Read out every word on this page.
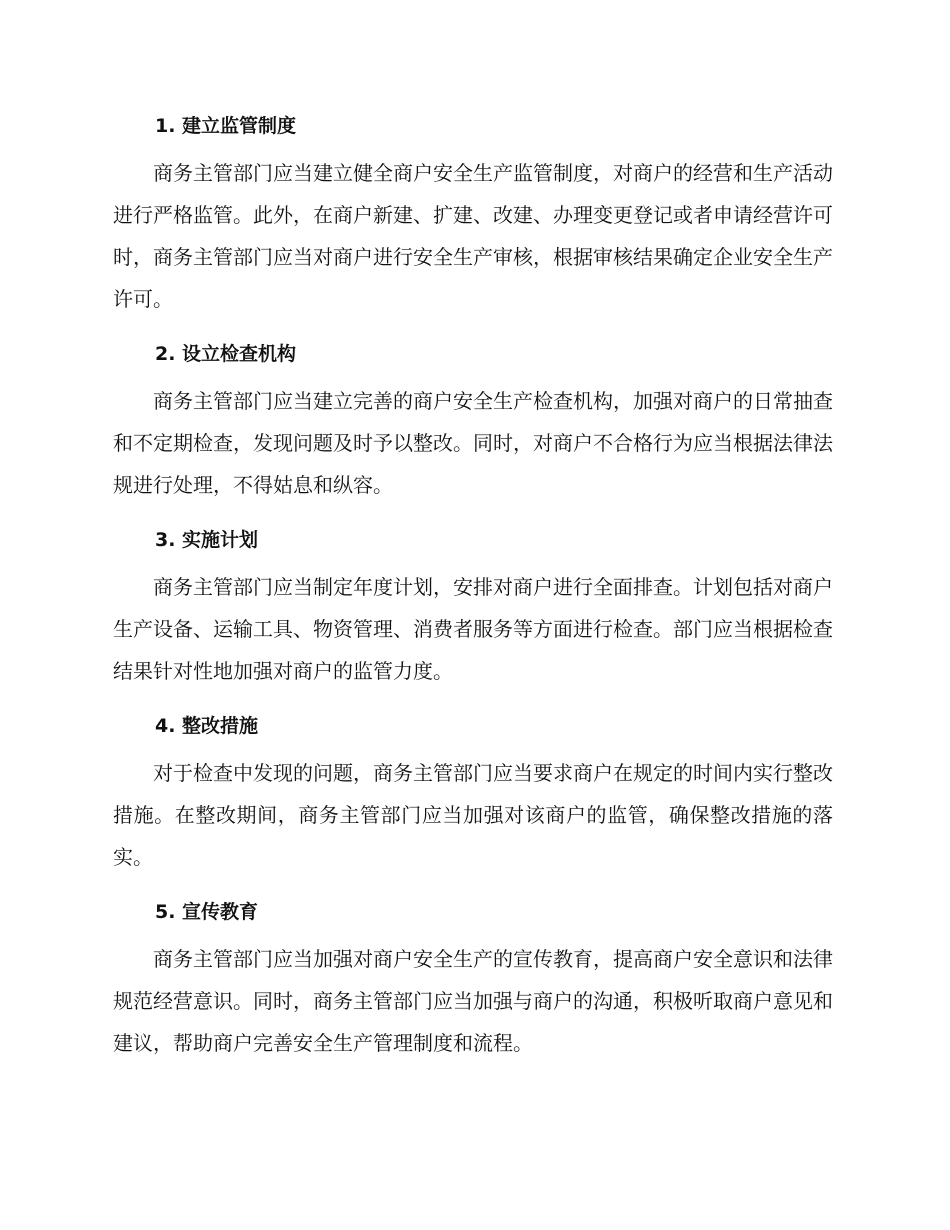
1. 建立监管制度

商务主管部门应当建立健全商户安全生产监管制度，对商户的经营和生产活动进行严格监管。此外，在商户新建、扩建、改建、办理变更登记或者申请经营许可时，商务主管部门应当对商户进行安全生产审核，根据审核结果确定企业安全生产许可。

2. 设立检查机构

商务主管部门应当建立完善的商户安全生产检查机构，加强对商户的日常抽查和不定期检查，发现问题及时予以整改。同时，对商户不合格行为应当根据法律法规进行处理，不得姑息和纵容。

3. 实施计划

商务主管部门应当制定年度计划，安排对商户进行全面排查。计划包括对商户生产设备、运输工具、物资管理、消费者服务等方面进行检查。部门应当根据检查结果针对性地加强对商户的监管力度。

4. 整改措施

对于检查中发现的问题，商务主管部门应当要求商户在规定的时间内实行整改措施。在整改期间，商务主管部门应当加强对该商户的监管，确保整改措施的落实。

5. 宣传教育

商务主管部门应当加强对商户安全生产的宣传教育，提高商户安全意识和法律规范经营意识。同时，商务主管部门应当加强与商户的沟通，积极听取商户意见和建议，帮助商户完善安全生产管理制度和流程。
